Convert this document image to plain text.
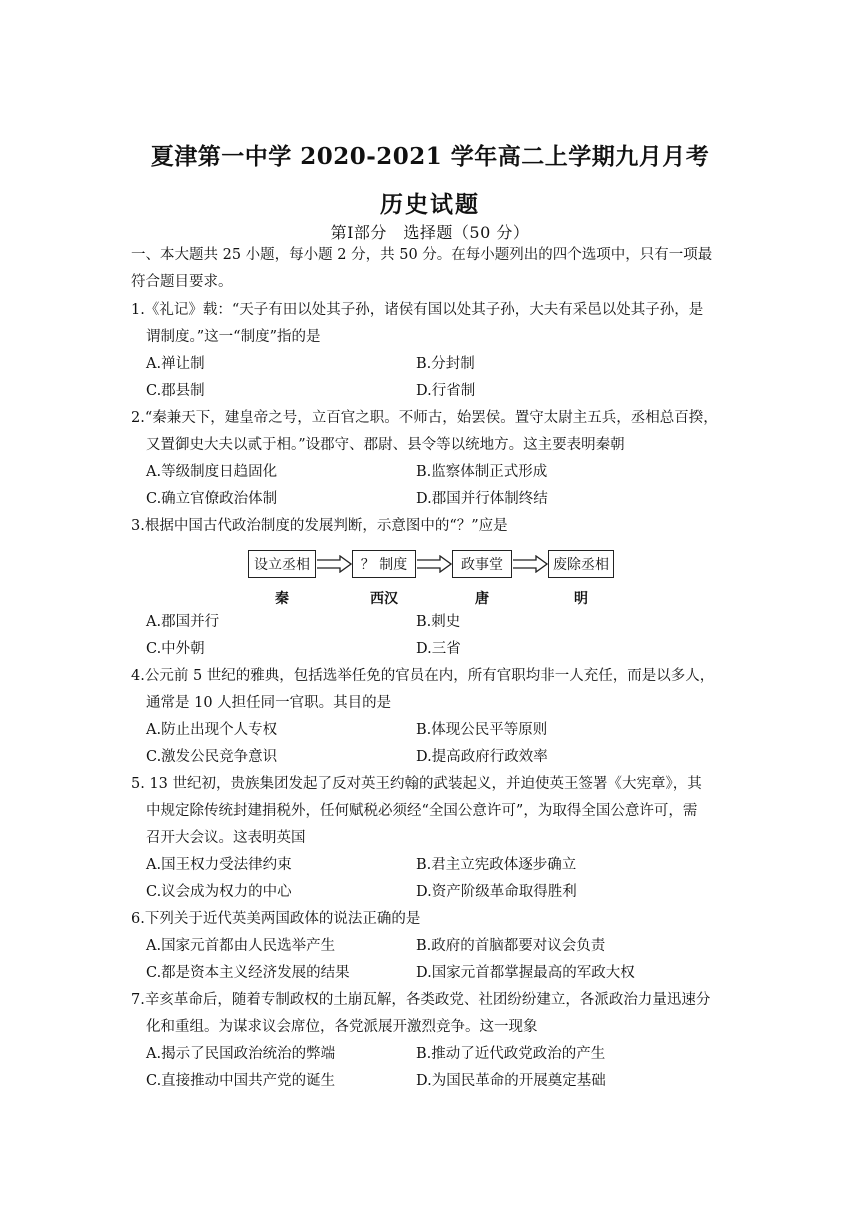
夏津第一中学 2020-2021 学年高二上学期九月月考
历史试题
第Ⅰ部分　选择题（50 分）
一、本大题共 25 小题，每小题 2 分，共 50 分。在每小题列出的四个选项中，只有一项最
符合题目要求。
1.《礼记》载：“天子有田以处其子孙，诸侯有国以处其子孙，大夫有采邑以处其子孙，是
谓制度。”这一“制度”指的是
A.禅让制	B.分封制
C.郡县制	D.行省制
2.“秦兼天下，建皇帝之号，立百官之职。不师古，始罢侯。置守太尉主五兵，丞相总百揆，
又置御史大夫以贰于相。”设郡守、郡尉、县令等以统地方。这主要表明秦朝
A.等级制度日趋固化	B.监察体制正式形成
C.确立官僚政治体制	D.郡国并行体制终结
3.根据中国古代政治制度的发展判断，示意图中的“？”应是
设立丞相	？ 制度	政事堂	废除丞相
秦	西汉	唐	明
A.郡国并行	B.刺史
C.中外朝	D.三省
4.公元前 5 世纪的雅典，包括选举任免的官员在内，所有官职均非一人充任，而是以多人，
通常是 10 人担任同一官职。其目的是
A.防止出现个人专权	B.体现公民平等原则
C.激发公民竞争意识	D.提高政府行政效率
5. 13 世纪初，贵族集团发起了反对英王约翰的武装起义，并迫使英王签署《大宪章》，其
中规定除传统封建捐税外，任何赋税必须经“全国公意许可”，为取得全国公意许可，需
召开大会议。这表明英国
A.国王权力受法律约束	B.君主立宪政体逐步确立
C.议会成为权力的中心	D.资产阶级革命取得胜利
6.下列关于近代英美两国政体的说法正确的是
A.国家元首都由人民选举产生	B.政府的首脑都要对议会负责
C.都是资本主义经济发展的结果	D.国家元首都掌握最高的军政大权
7.辛亥革命后，随着专制政权的土崩瓦解，各类政党、社团纷纷建立，各派政治力量迅速分
化和重组。为谋求议会席位，各党派展开激烈竞争。这一现象
A.揭示了民国政治统治的弊端	B.推动了近代政党政治的产生
C.直接推动中国共产党的诞生	D.为国民革命的开展奠定基础
